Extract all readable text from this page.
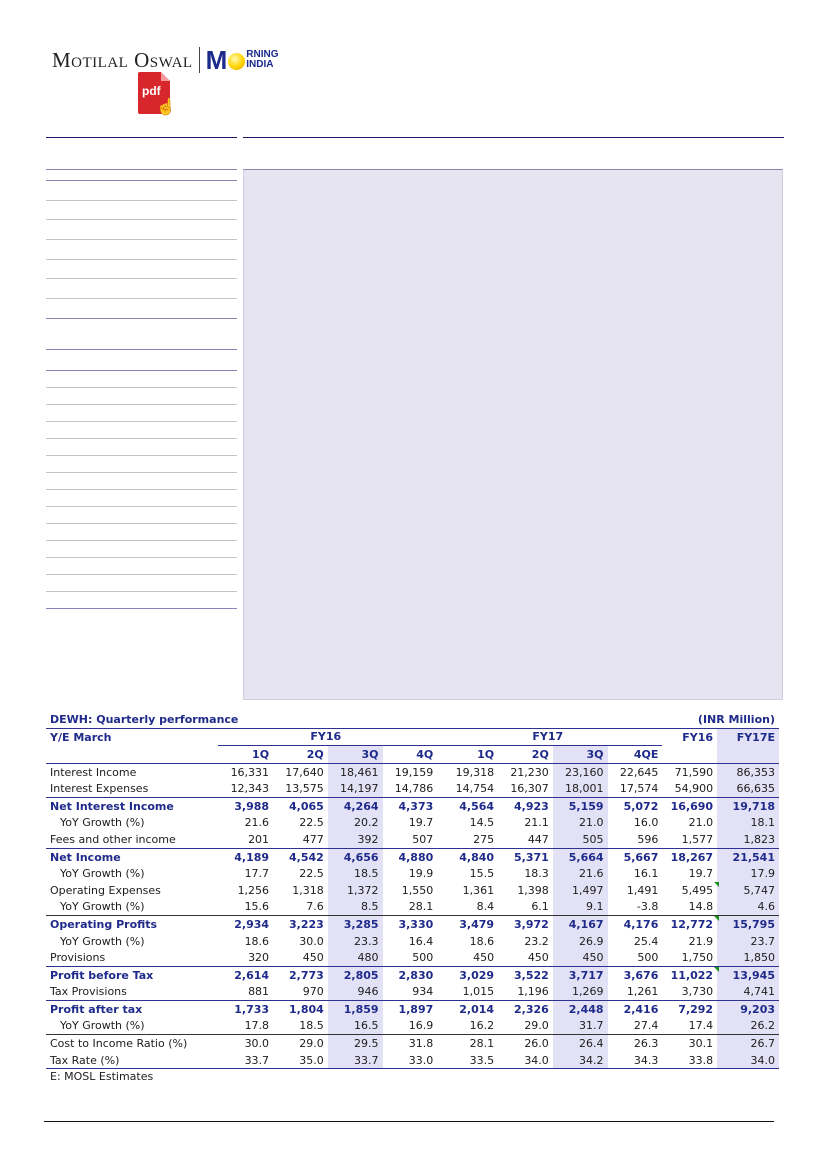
Motilal Oswal M RNING
INDIA
pdf
☝
DEWH: Quarterly performance									(INR Million)	
Y/E March	FY16				FY17				FY16	FY17E
	1Q	2Q	3Q	4Q	1Q	2Q	3Q	4QE		
Interest Income	16,331	17,640	18,461	19,159	19,318	21,230	23,160	22,645	71,590	86,353
Interest Expenses	12,343	13,575	14,197	14,786	14,754	16,307	18,001	17,574	54,900	66,635
Net Interest Income	3,988	4,065	4,264	4,373	4,564	4,923	5,159	5,072	16,690	19,718
YoY Growth (%)	21.6	22.5	20.2	19.7	14.5	21.1	21.0	16.0	21.0	18.1
Fees and other income	201	477	392	507	275	447	505	596	1,577	1,823
Net Income	4,189	4,542	4,656	4,880	4,840	5,371	5,664	5,667	18,267	21,541
YoY Growth (%)	17.7	22.5	18.5	19.9	15.5	18.3	21.6	16.1	19.7	17.9
Operating Expenses	1,256	1,318	1,372	1,550	1,361	1,398	1,497	1,491	5,495	5,747
YoY Growth (%)	15.6	7.6	8.5	28.1	8.4	6.1	9.1	-3.8	14.8	4.6
Operating Profits	2,934	3,223	3,285	3,330	3,479	3,972	4,167	4,176	12,772	15,795
YoY Growth (%)	18.6	30.0	23.3	16.4	18.6	23.2	26.9	25.4	21.9	23.7
Provisions	320	450	480	500	450	450	450	500	1,750	1,850
Profit before Tax	2,614	2,773	2,805	2,830	3,029	3,522	3,717	3,676	11,022	13,945
Tax Provisions	881	970	946	934	1,015	1,196	1,269	1,261	3,730	4,741
Profit after tax	1,733	1,804	1,859	1,897	2,014	2,326	2,448	2,416	7,292	9,203
YoY Growth (%)	17.8	18.5	16.5	16.9	16.2	29.0	31.7	27.4	17.4	26.2
Cost to Income Ratio (%)	30.0	29.0	29.5	31.8	28.1	26.0	26.4	26.3	30.1	26.7
Tax Rate (%)	33.7	35.0	33.7	33.0	33.5	34.0	34.2	34.3	33.8	34.0
E: MOSL Estimates
